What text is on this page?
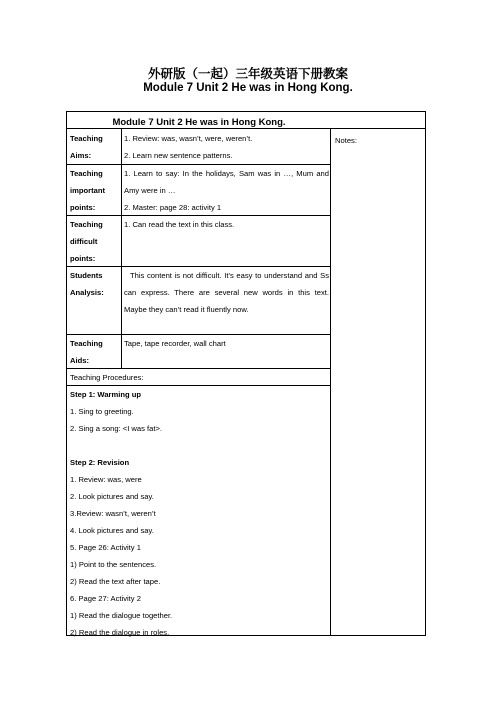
外研版（一起）三年级英语下册教案
Module 7 Unit 2 He was in Hong Kong.
Module 7 Unit 2 He was in Hong Kong.
Notes:
Teaching
Aims:
1. Review: was, wasn’t, were, weren’t.
2. Learn new sentence patterns.
Teaching
important
points:
1. Learn to say: In the holidays, Sam was in …, Mum and Amy were in …
2. Master: page 28: activity 1
Teaching
difficult
points:
1. Can read the text in this class.
Students
Analysis:
This content is not difficult. It’s easy to understand and Ss can express. There are several new words in this text. Maybe they can’t read it fluently now.
Teaching
Aids:
Tape, tape recorder, wall chart
Teaching Procedures:
Step 1: Warming up
1. Sing to greeting.
2. Sing a song: <I was fat>.

Step 2: Revision
1. Review: was, were
2. Look pictures and say.
3.Review: wasn’t, weren’t
4. Look pictures and say.
5. Page 26: Activity 1
1) Point to the sentences.
2) Read the text after tape.
6. Page 27: Activity 2
1) Read the dialogue together.
2) Read the dialogue in roles.
